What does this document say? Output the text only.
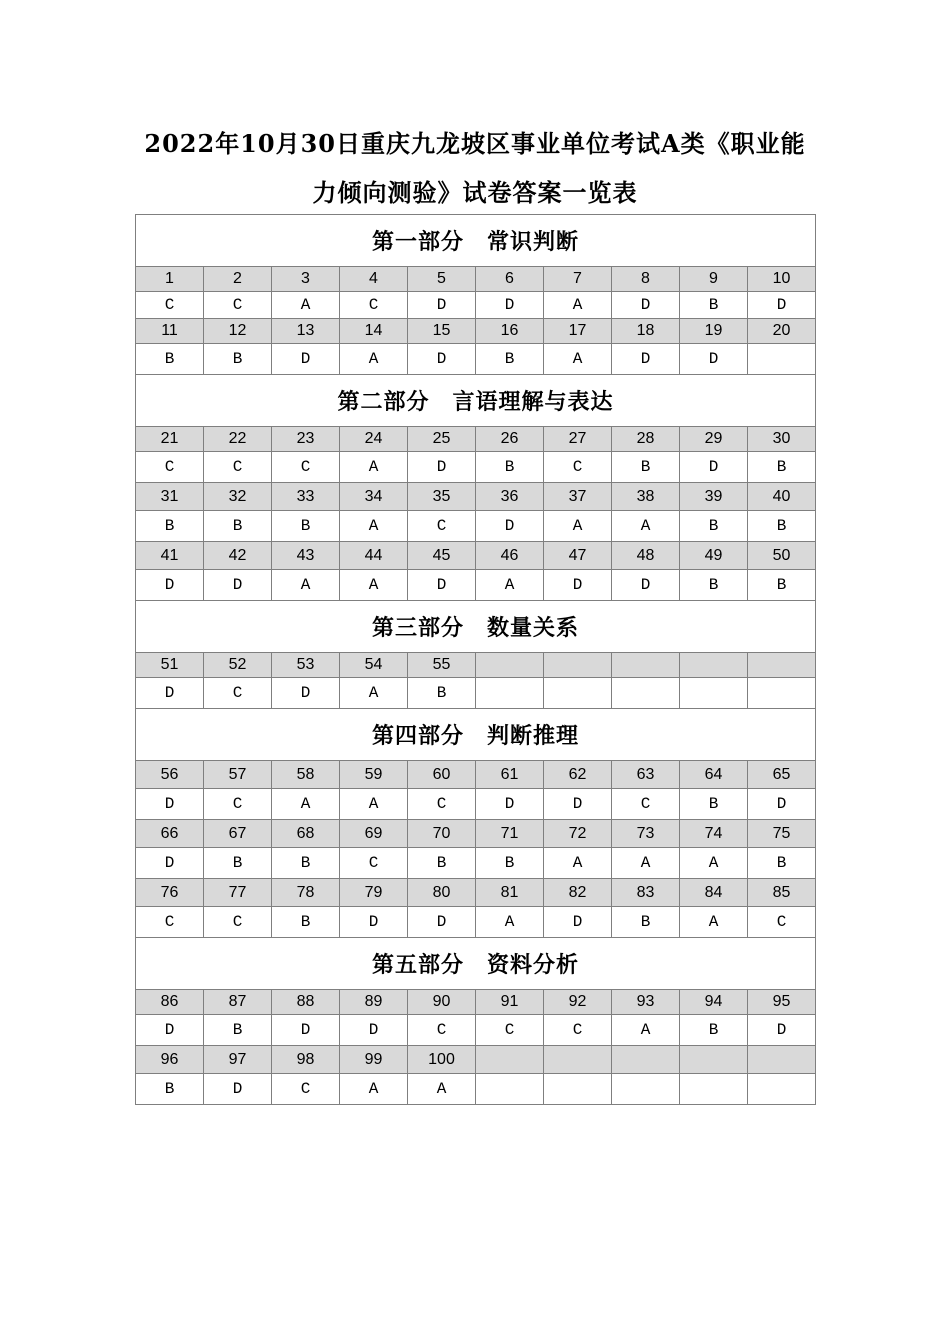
2022年10月30日重庆九龙坡区事业单位考试A类《职业能
力倾向测验》试卷答案一览表
第一部分　常识判断									
1	2	3	4	5	6	7	8	9	10
C	C	A	C	D	D	A	D	B	D
11	12	13	14	15	16	17	18	19	20
B	B	D	A	D	B	A	D	D	
第二部分　言语理解与表达									
21	22	23	24	25	26	27	28	29	30
C	C	C	A	D	B	C	B	D	B
31	32	33	34	35	36	37	38	39	40
B	B	B	A	C	D	A	A	B	B
41	42	43	44	45	46	47	48	49	50
D	D	A	A	D	A	D	D	B	B
第三部分　数量关系									
51	52	53	54	55					
D	C	D	A	B					
第四部分　判断推理									
56	57	58	59	60	61	62	63	64	65
D	C	A	A	C	D	D	C	B	D
66	67	68	69	70	71	72	73	74	75
D	B	B	C	B	B	A	A	A	B
76	77	78	79	80	81	82	83	84	85
C	C	B	D	D	A	D	B	A	C
第五部分　资料分析									
86	87	88	89	90	91	92	93	94	95
D	B	D	D	C	C	C	A	B	D
96	97	98	99	100					
B	D	C	A	A					
